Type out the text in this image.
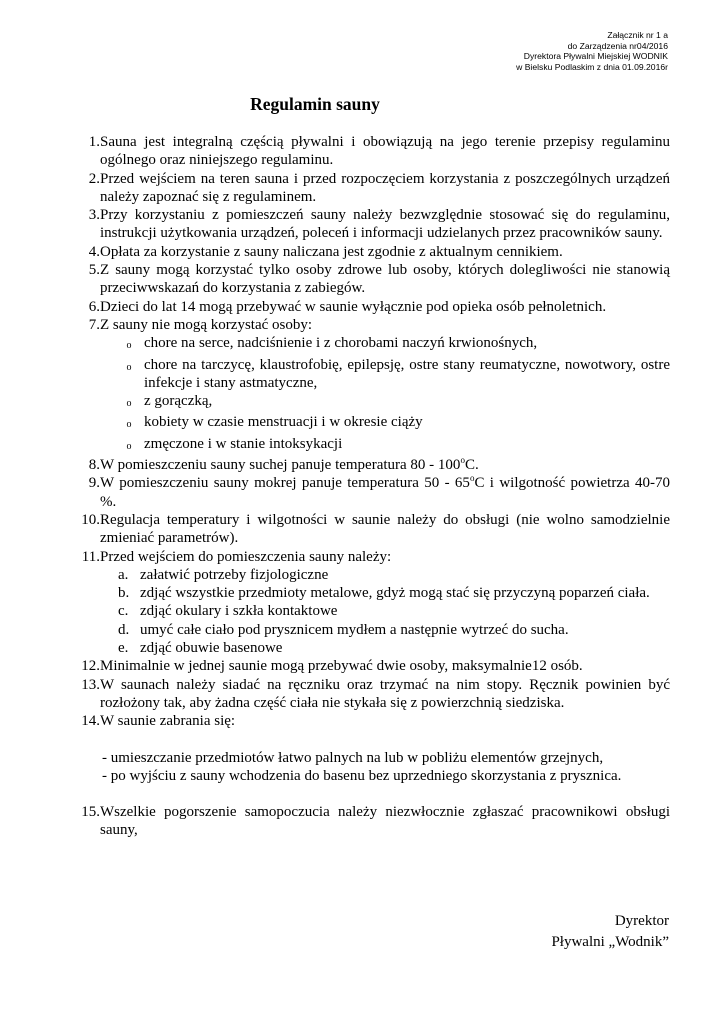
Załącznik nr 1 a
do Zarządzenia nr04/2016
Dyrektora Pływalni Miejskiej WODNIK
w Bielsku Podlaskim z dnia 01.09.2016r
Regulamin sauny
1. Sauna jest integralną częścią pływalni i obowiązują na jego terenie przepisy regulaminu ogólnego oraz niniejszego regulaminu.
2. Przed wejściem na teren sauna i przed rozpoczęciem korzystania z poszczególnych urządzeń należy zapoznać się z regulaminem.
3. Przy korzystaniu z pomieszczeń sauny należy bezwzględnie stosować się do regulaminu, instrukcji użytkowania urządzeń, poleceń i informacji udzielanych przez pracowników sauny.
4. Opłata za korzystanie z sauny naliczana jest zgodnie z aktualnym cennikiem.
5. Z sauny mogą korzystać tylko osoby zdrowe lub osoby, których dolegliwości nie stanowią przeciwwskazań do korzystania z zabiegów.
6. Dzieci do lat 14 mogą przebywać w saunie wyłącznie pod opieka osób pełnoletnich.
7. Z sauny nie mogą korzystać osoby:
o chore na serce, nadciśnienie i z chorobami naczyń krwionośnych,
o chore na tarczycę, klaustrofobię, epilepsję, ostre stany reumatyczne, nowotwory, ostre infekcje i stany astmatyczne,
o z gorączką,
o kobiety w czasie menstruacji i w okresie ciąży
o zmęczone i w stanie intoksykacji
8. W pomieszczeniu sauny suchej panuje temperatura 80 - 100$^o$C.
9. W pomieszczeniu sauny mokrej panuje temperatura 50 - 65$^o$C i wilgotność powietrza 40-70 %.
10. Regulacja temperatury i wilgotności w saunie należy do obsługi (nie wolno samodzielnie zmieniać parametrów).
11. Przed wejściem do pomieszczenia sauny należy:
a. załatwić potrzeby fizjologiczne
b. zdjąć wszystkie przedmioty metalowe, gdyż mogą stać się przyczyną poparzeń ciała.
c. zdjąć okulary i szkła kontaktowe
d. umyć całe ciało pod prysznicem mydłem a następnie wytrzeć do sucha.
e. zdjąć obuwie basenowe
12. Minimalnie w jednej saunie mogą przebywać dwie osoby, maksymalnie12 osób.
13. W saunach należy siadać na ręczniku oraz trzymać na nim stopy. Ręcznik powinien być rozłożony tak, aby żadna część ciała nie stykała się z powierzchnią siedziska.
14. W saunie zabrania się:
- umieszczanie przedmiotów łatwo palnych na lub w pobliżu elementów grzejnych,
- po wyjściu z sauny wchodzenia do basenu bez uprzedniego skorzystania z prysznica.
15. Wszelkie pogorszenie samopoczucia należy niezwłocznie zgłaszać pracownikowi obsługi sauny,
Dyrektor
Pływalni „Wodnik”
